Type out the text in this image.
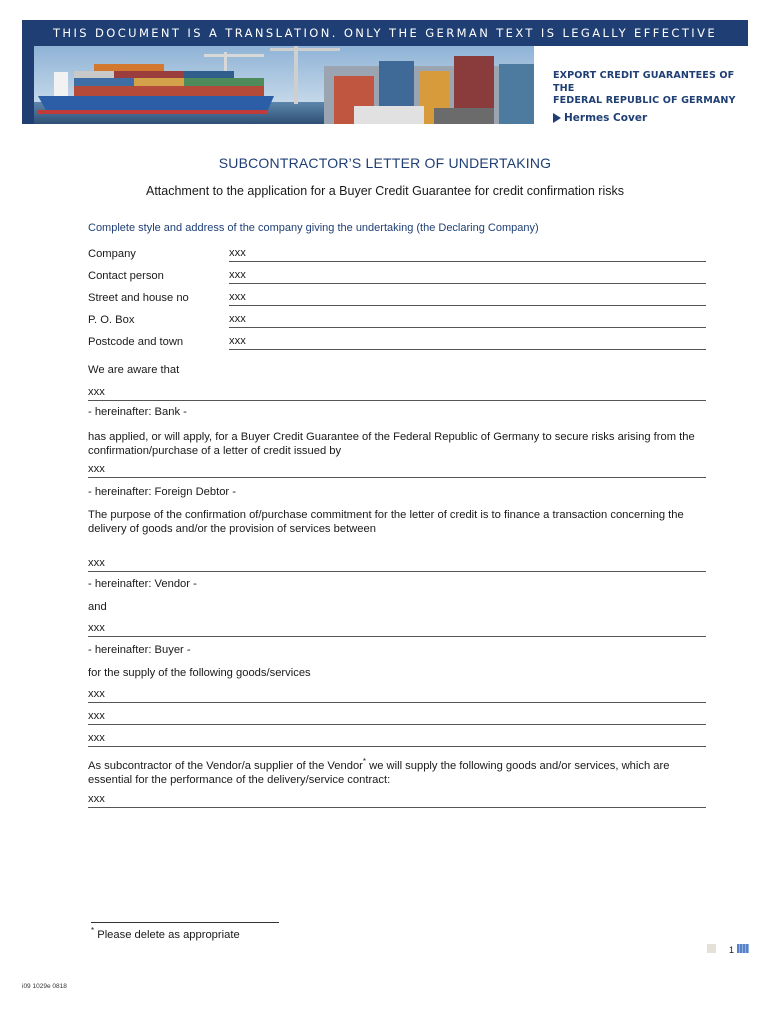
THIS DOCUMENT IS A TRANSLATION. ONLY THE GERMAN TEXT IS LEGALLY EFFECTIVE
EXPORT CREDIT GUARANTEES OF THE
FEDERAL REPUBLIC OF GERMANY
Hermes Cover
SUBCONTRACTOR’S LETTER OF UNDERTAKING
Attachment to the application for a Buyer Credit Guarantee for credit confirmation risks
Complete style and address of the company giving the undertaking (the Declaring Company)
Company	xxx
Contact person	xxx
Street and house no	xxx
P. O. Box	xxx
Postcode and town	xxx
We are aware that
xxx
- hereinafter: Bank -
has applied, or will apply, for a Buyer Credit Guarantee of the Federal Republic of Germany to secure risks arising from the confirmation/purchase of a letter of credit issued by
xxx
- hereinafter: Foreign Debtor -
The purpose of the confirmation of/purchase commitment for the letter of credit is to finance a transaction concerning the delivery of goods and/or the provision of services between
xxx
- hereinafter: Vendor -
and
xxx
- hereinafter: Buyer -
for the supply of the following goods/services
xxx
xxx
xxx
As subcontractor of the Vendor/a supplier of the Vendor* we will supply the following goods and/or services, which are essential for the performance of the delivery/service contract:
xxx
* Please delete as appropriate
1
i09 1029e 0818
